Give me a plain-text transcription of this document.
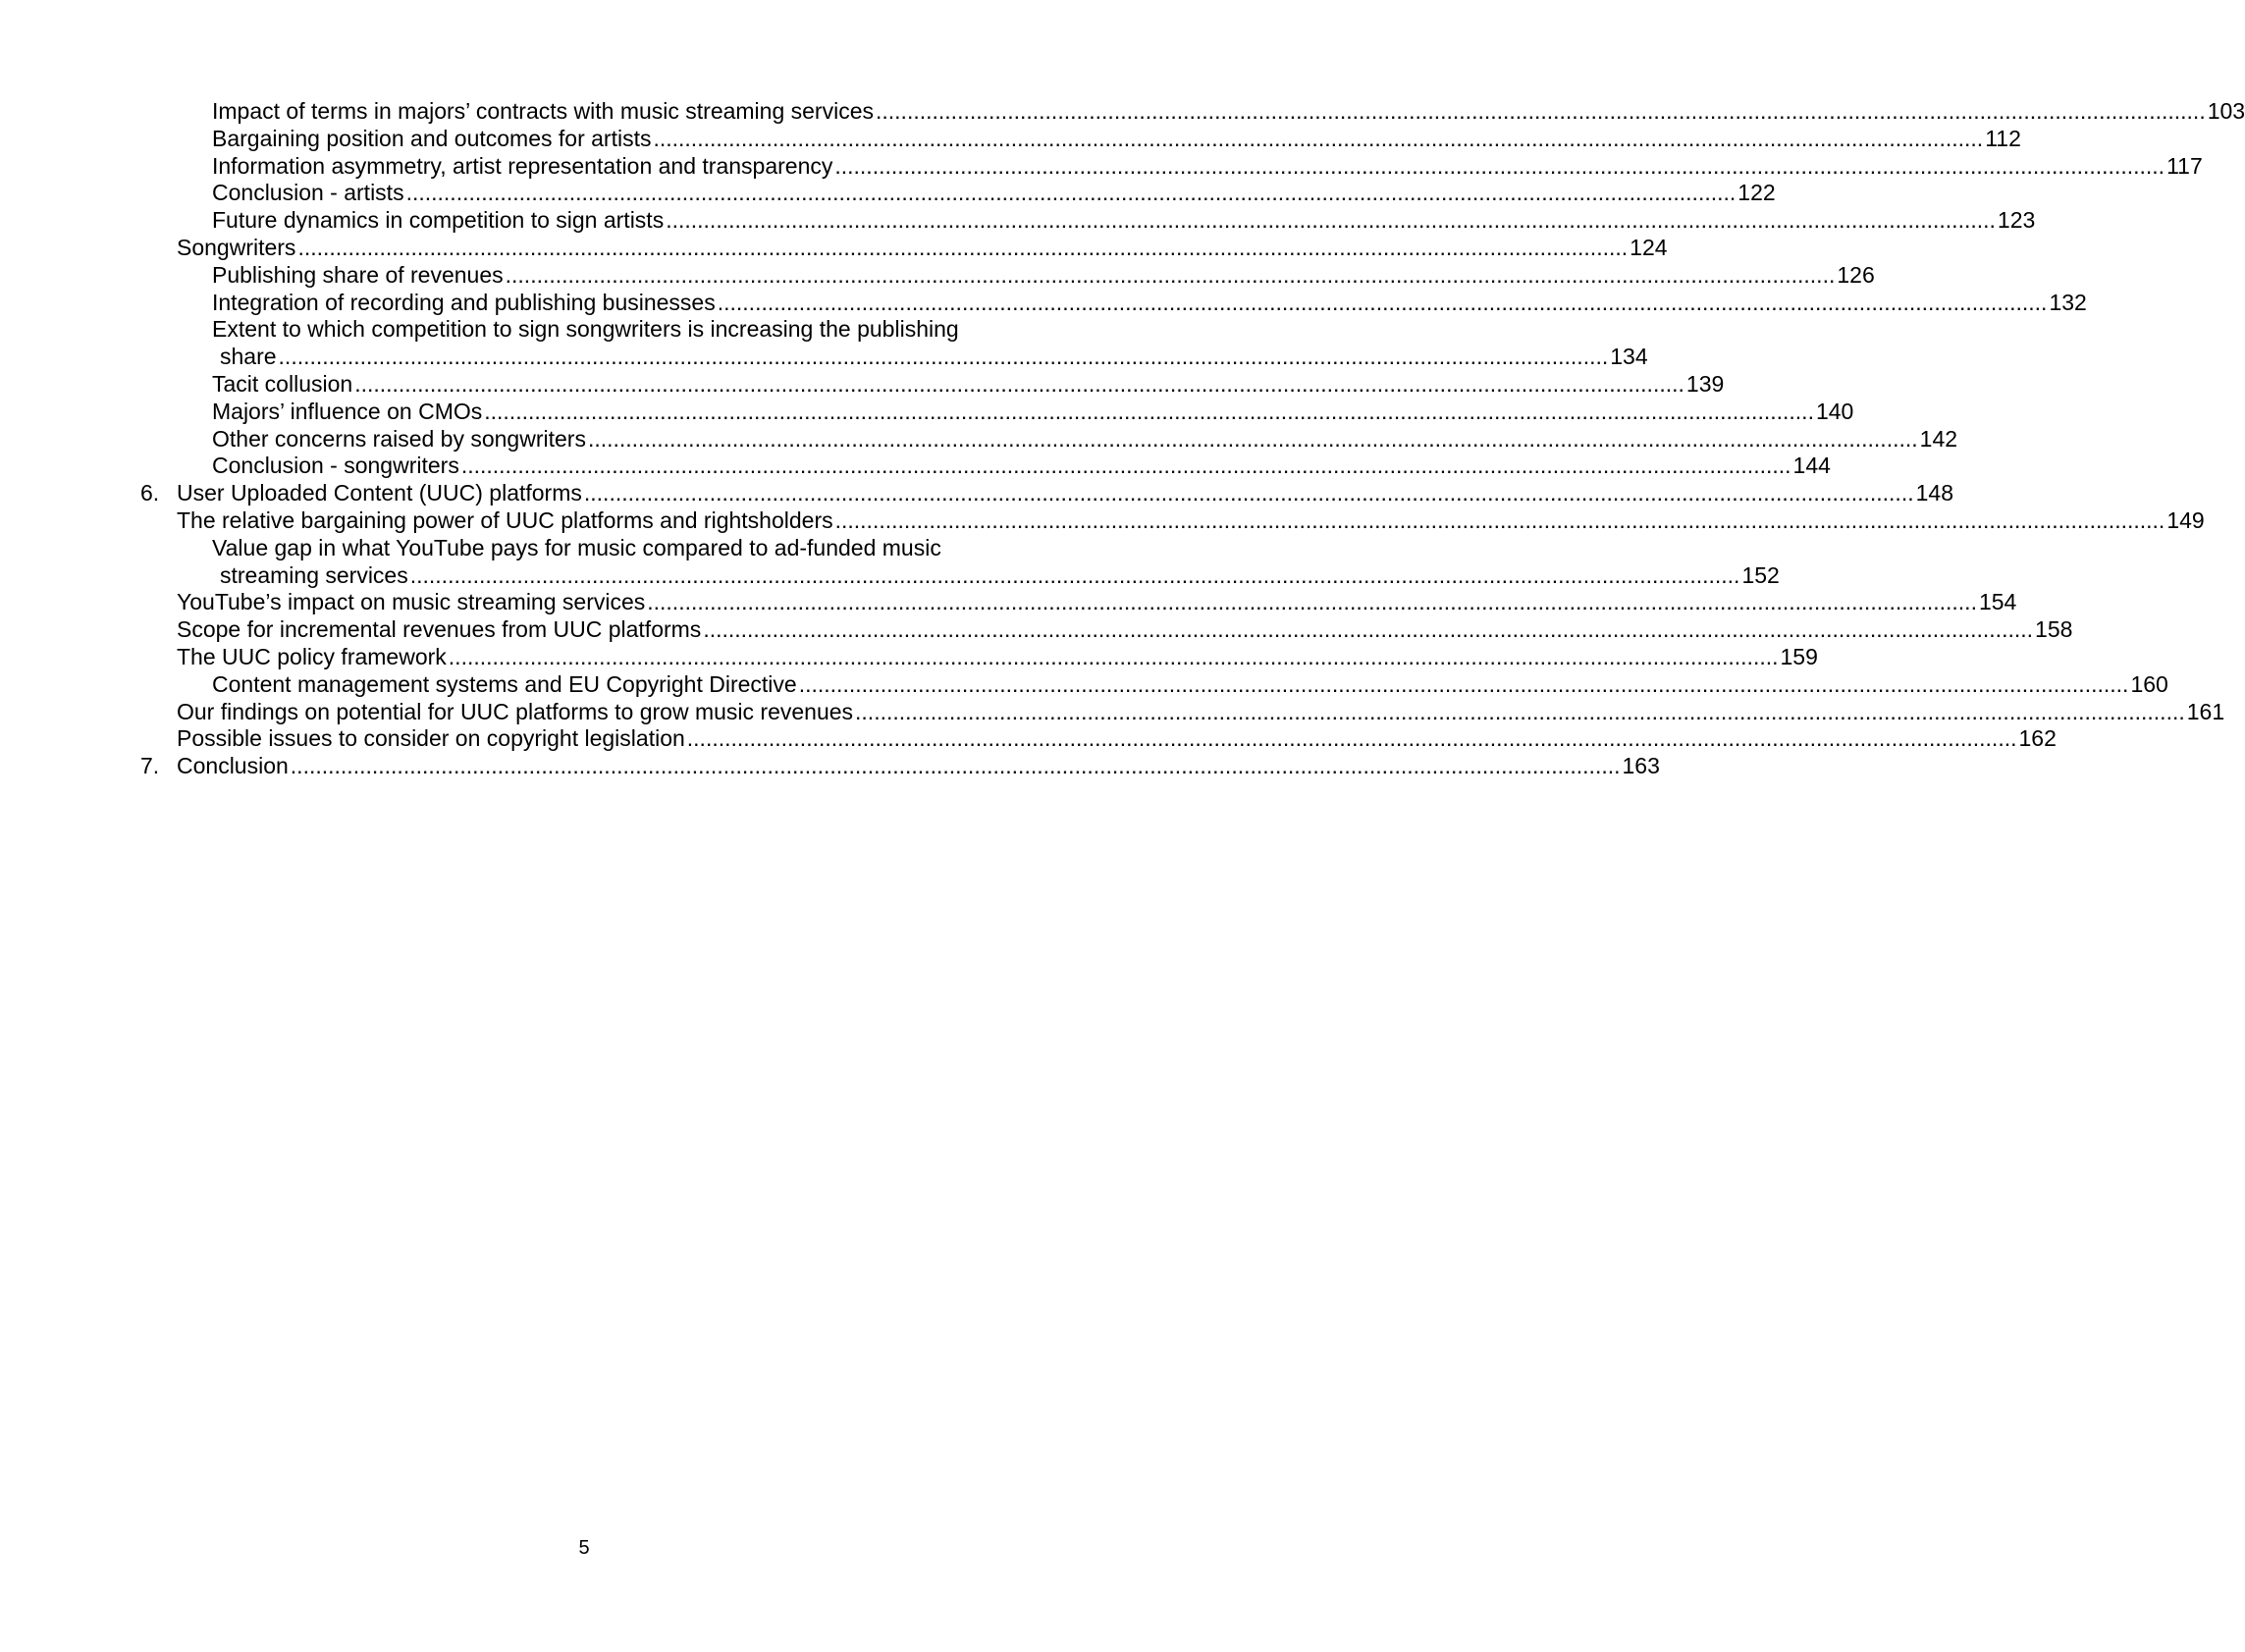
Impact of terms in majors’ contracts with music streaming services .....	103
Bargaining position and outcomes for artists .....	112
Information asymmetry, artist representation and transparency .....	117
Conclusion - artists .....	122
Future dynamics in competition to sign artists .....	123
Songwriters .....	124
Publishing share of revenues .....	126
Integration of recording and publishing businesses .....	132
Extent to which competition to sign songwriters is increasing the publishing
share .....	134
Tacit collusion .....	139
Majors’ influence on CMOs .....	140
Other concerns raised by songwriters .....	142
Conclusion - songwriters .....	144
6. User Uploaded Content (UUC) platforms .....	148
The relative bargaining power of UUC platforms and rightsholders .....	149
Value gap in what YouTube pays for music compared to ad-funded music
streaming services .....	152
YouTube’s impact on music streaming services .....	154
Scope for incremental revenues from UUC platforms .....	158
The UUC policy framework .....	159
Content management systems and EU Copyright Directive .....	160
Our findings on potential for UUC platforms to grow music revenues .....	161
Possible issues to consider on copyright legislation .....	162
7. Conclusion .....	163
5
